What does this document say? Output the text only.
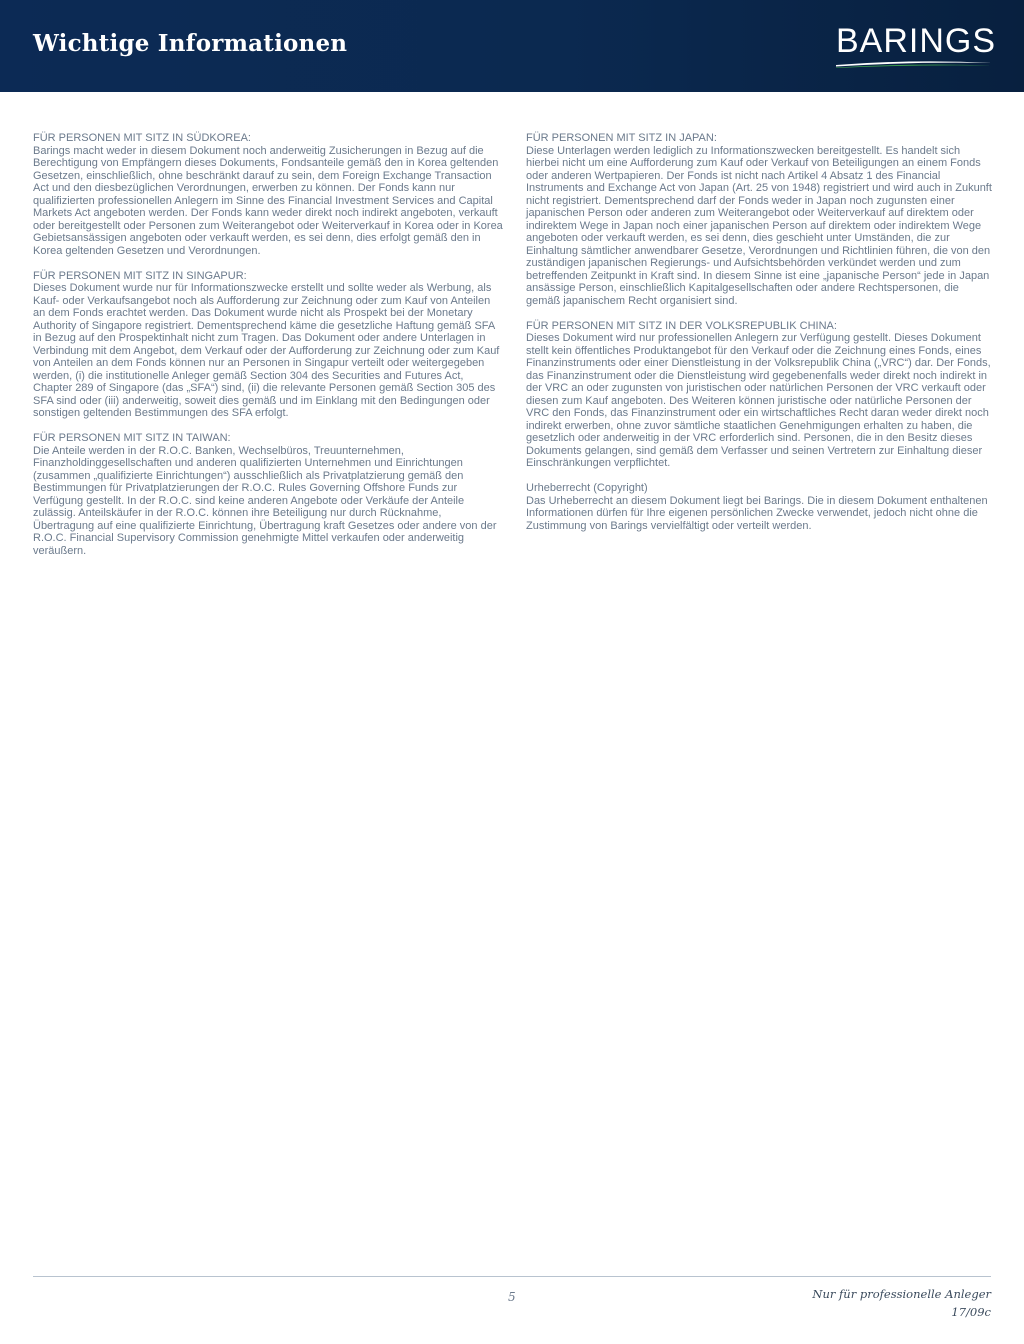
Wichtige Informationen	BARINGS
FÜR PERSONEN MIT SITZ IN SÜDKOREA:
Barings macht weder in diesem Dokument noch anderweitig Zusicherungen in Bezug auf die Berechtigung von Empfängern dieses Dokuments, Fondsanteile gemäß den in Korea geltenden Gesetzen, einschließlich, ohne beschränkt darauf zu sein, dem Foreign Exchange Transaction Act und den diesbezüglichen Verordnungen, erwerben zu können. Der Fonds kann nur qualifizierten professionellen Anlegern im Sinne des Financial Investment Services and Capital Markets Act angeboten werden. Der Fonds kann weder direkt noch indirekt angeboten, verkauft oder bereitgestellt oder Personen zum Weiterangebot oder Weiterverkauf in Korea oder in Korea Gebietsansässigen angeboten oder verkauft werden, es sei denn, dies erfolgt gemäß den in Korea geltenden Gesetzen und Verordnungen.
FÜR PERSONEN MIT SITZ IN SINGAPUR:
Dieses Dokument wurde nur für Informationszwecke erstellt und sollte weder als Werbung, als Kauf- oder Verkaufsangebot noch als Aufforderung zur Zeichnung oder zum Kauf von Anteilen an dem Fonds erachtet werden. Das Dokument wurde nicht als Prospekt bei der Monetary Authority of Singapore registriert. Dementsprechend käme die gesetzliche Haftung gemäß SFA in Bezug auf den Prospektinhalt nicht zum Tragen. Das Dokument oder andere Unterlagen in Verbindung mit dem Angebot, dem Verkauf oder der Aufforderung zur Zeichnung oder zum Kauf von Anteilen an dem Fonds können nur an Personen in Singapur verteilt oder weitergegeben werden, (i) die institutionelle Anleger gemäß Section 304 des Securities and Futures Act, Chapter 289 of Singapore (das „SFA“) sind, (ii) die relevante Personen gemäß Section 305 des SFA sind oder (iii) anderweitig, soweit dies gemäß und im Einklang mit den Bedingungen oder sonstigen geltenden Bestimmungen des SFA erfolgt.
FÜR PERSONEN MIT SITZ IN TAIWAN:
Die Anteile werden in der R.O.C. Banken, Wechselbüros, Treuunternehmen, Finanzholdinggesellschaften und anderen qualifizierten Unternehmen und Einrichtungen (zusammen „qualifizierte Einrichtungen“) ausschließlich als Privatplatzierung gemäß den Bestimmungen für Privatplatzierungen der R.O.C. Rules Governing Offshore Funds zur Verfügung gestellt. In der R.O.C. sind keine anderen Angebote oder Verkäufe der Anteile zulässig. Anteilskäufer in der R.O.C. können ihre Beteiligung nur durch Rücknahme, Übertragung auf eine qualifizierte Einrichtung, Übertragung kraft Gesetzes oder andere von der R.O.C. Financial Supervisory Commission genehmigte Mittel verkaufen oder anderweitig veräußern.
FÜR PERSONEN MIT SITZ IN JAPAN:
Diese Unterlagen werden lediglich zu Informationszwecken bereitgestellt. Es handelt sich hierbei nicht um eine Aufforderung zum Kauf oder Verkauf von Beteiligungen an einem Fonds oder anderen Wertpapieren. Der Fonds ist nicht nach Artikel 4 Absatz 1 des Financial Instruments and Exchange Act von Japan (Art. 25 von 1948) registriert und wird auch in Zukunft nicht registriert. Dementsprechend darf der Fonds weder in Japan noch zugunsten einer japanischen Person oder anderen zum Weiterangebot oder Weiterverkauf auf direktem oder indirektem Wege in Japan noch einer japanischen Person auf direktem oder indirektem Wege angeboten oder verkauft werden, es sei denn, dies geschieht unter Umständen, die zur Einhaltung sämtlicher anwendbarer Gesetze, Verordnungen und Richtlinien führen, die von den zuständigen japanischen Regierungs- und Aufsichtsbehörden verkündet werden und zum betreffenden Zeitpunkt in Kraft sind. In diesem Sinne ist eine „japanische Person“ jede in Japan ansässige Person, einschließlich Kapitalgesellschaften oder andere Rechtspersonen, die gemäß japanischem Recht organisiert sind.
FÜR PERSONEN MIT SITZ IN DER VOLKSREPUBLIK CHINA:
Dieses Dokument wird nur professionellen Anlegern zur Verfügung gestellt. Dieses Dokument stellt kein öffentliches Produktangebot für den Verkauf oder die Zeichnung eines Fonds, eines Finanzinstruments oder einer Dienstleistung in der Volksrepublik China („VRC“) dar. Der Fonds, das Finanzinstrument oder die Dienstleistung wird gegebenenfalls weder direkt noch indirekt in der VRC an oder zugunsten von juristischen oder natürlichen Personen der VRC verkauft oder diesen zum Kauf angeboten. Des Weiteren können juristische oder natürliche Personen der VRC den Fonds, das Finanzinstrument oder ein wirtschaftliches Recht daran weder direkt noch indirekt erwerben, ohne zuvor sämtliche staatlichen Genehmigungen erhalten zu haben, die gesetzlich oder anderweitig in der VRC erforderlich sind. Personen, die in den Besitz dieses Dokuments gelangen, sind gemäß dem Verfasser und seinen Vertretern zur Einhaltung dieser Einschränkungen verpflichtet.
Urheberrecht (Copyright)
Das Urheberrecht an diesem Dokument liegt bei Barings. Die in diesem Dokument enthaltenen Informationen dürfen für Ihre eigenen persönlichen Zwecke verwendet, jedoch nicht ohne die Zustimmung von Barings vervielfältigt oder verteilt werden.
5	Nur für professionelle Anleger
17/09c
